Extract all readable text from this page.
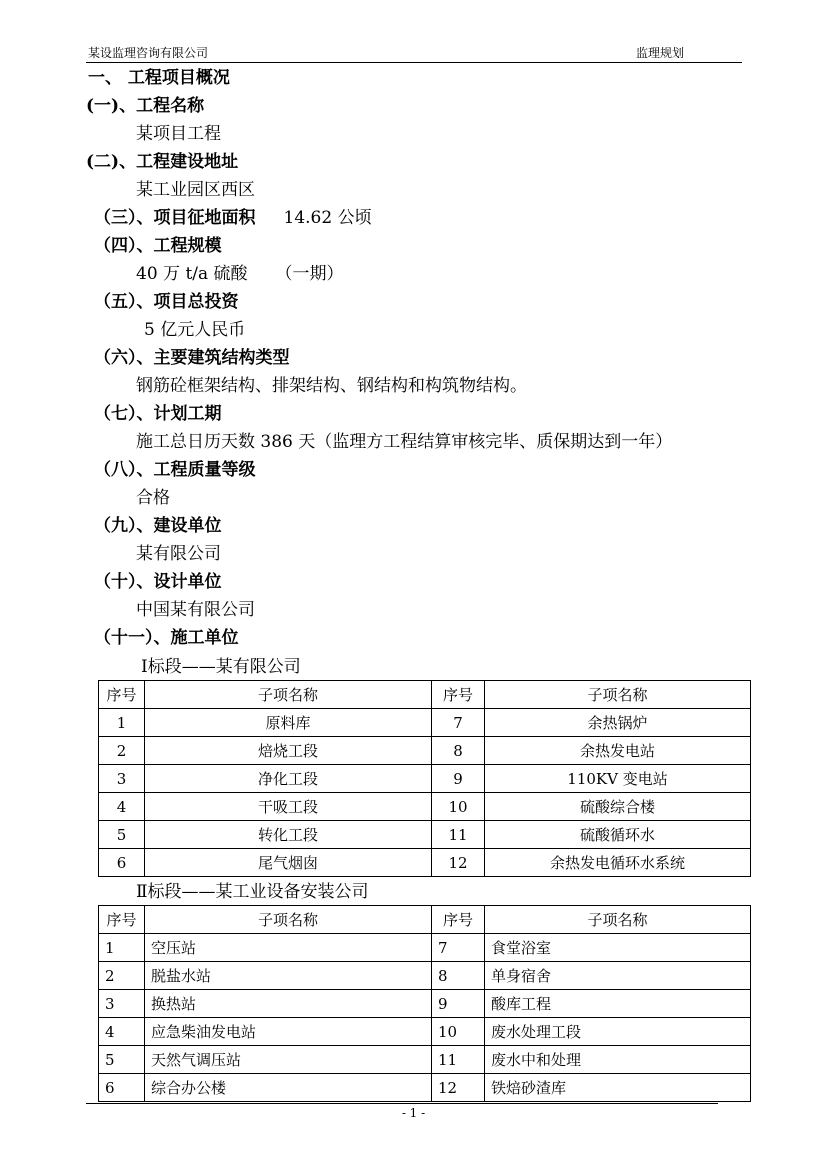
某设监理咨询有限公司	监理规划
一、 工程项目概况
(一)、工程名称
某项目工程
(二)、工程建设地址
某工业园区西区
（三）、项目征地面积 14.62 公顷
（四）、工程规模
40 万 t/a 硫酸 （一期）
（五）、项目总投资
5 亿元人民币
（六）、主要建筑结构类型
钢筋砼框架结构、排架结构、钢结构和构筑物结构。
（七）、计划工期
施工总日历天数 386 天（监理方工程结算审核完毕、质保期达到一年）
（八）、工程质量等级
合格
（九）、建设单位
某有限公司
（十）、设计单位
中国某有限公司
（十一）、施工单位
Ⅰ标段——某有限公司
序号	子项名称	序号	子项名称
1	原料库	7	余热锅炉
2	焙烧工段	8	余热发电站
3	净化工段	9	110KV 变电站
4	干吸工段	10	硫酸综合楼
5	转化工段	11	硫酸循环水
6	尾气烟囱	12	余热发电循环水系统
Ⅱ标段——某工业设备安装公司
序号	子项名称	序号	子项名称
1	空压站	7	食堂浴室
2	脱盐水站	8	单身宿舍
3	换热站	9	酸库工程
4	应急柴油发电站	10	废水处理工段
5	天然气调压站	11	废水中和处理
6	综合办公楼	12	铁焙砂渣库
- 1 -
